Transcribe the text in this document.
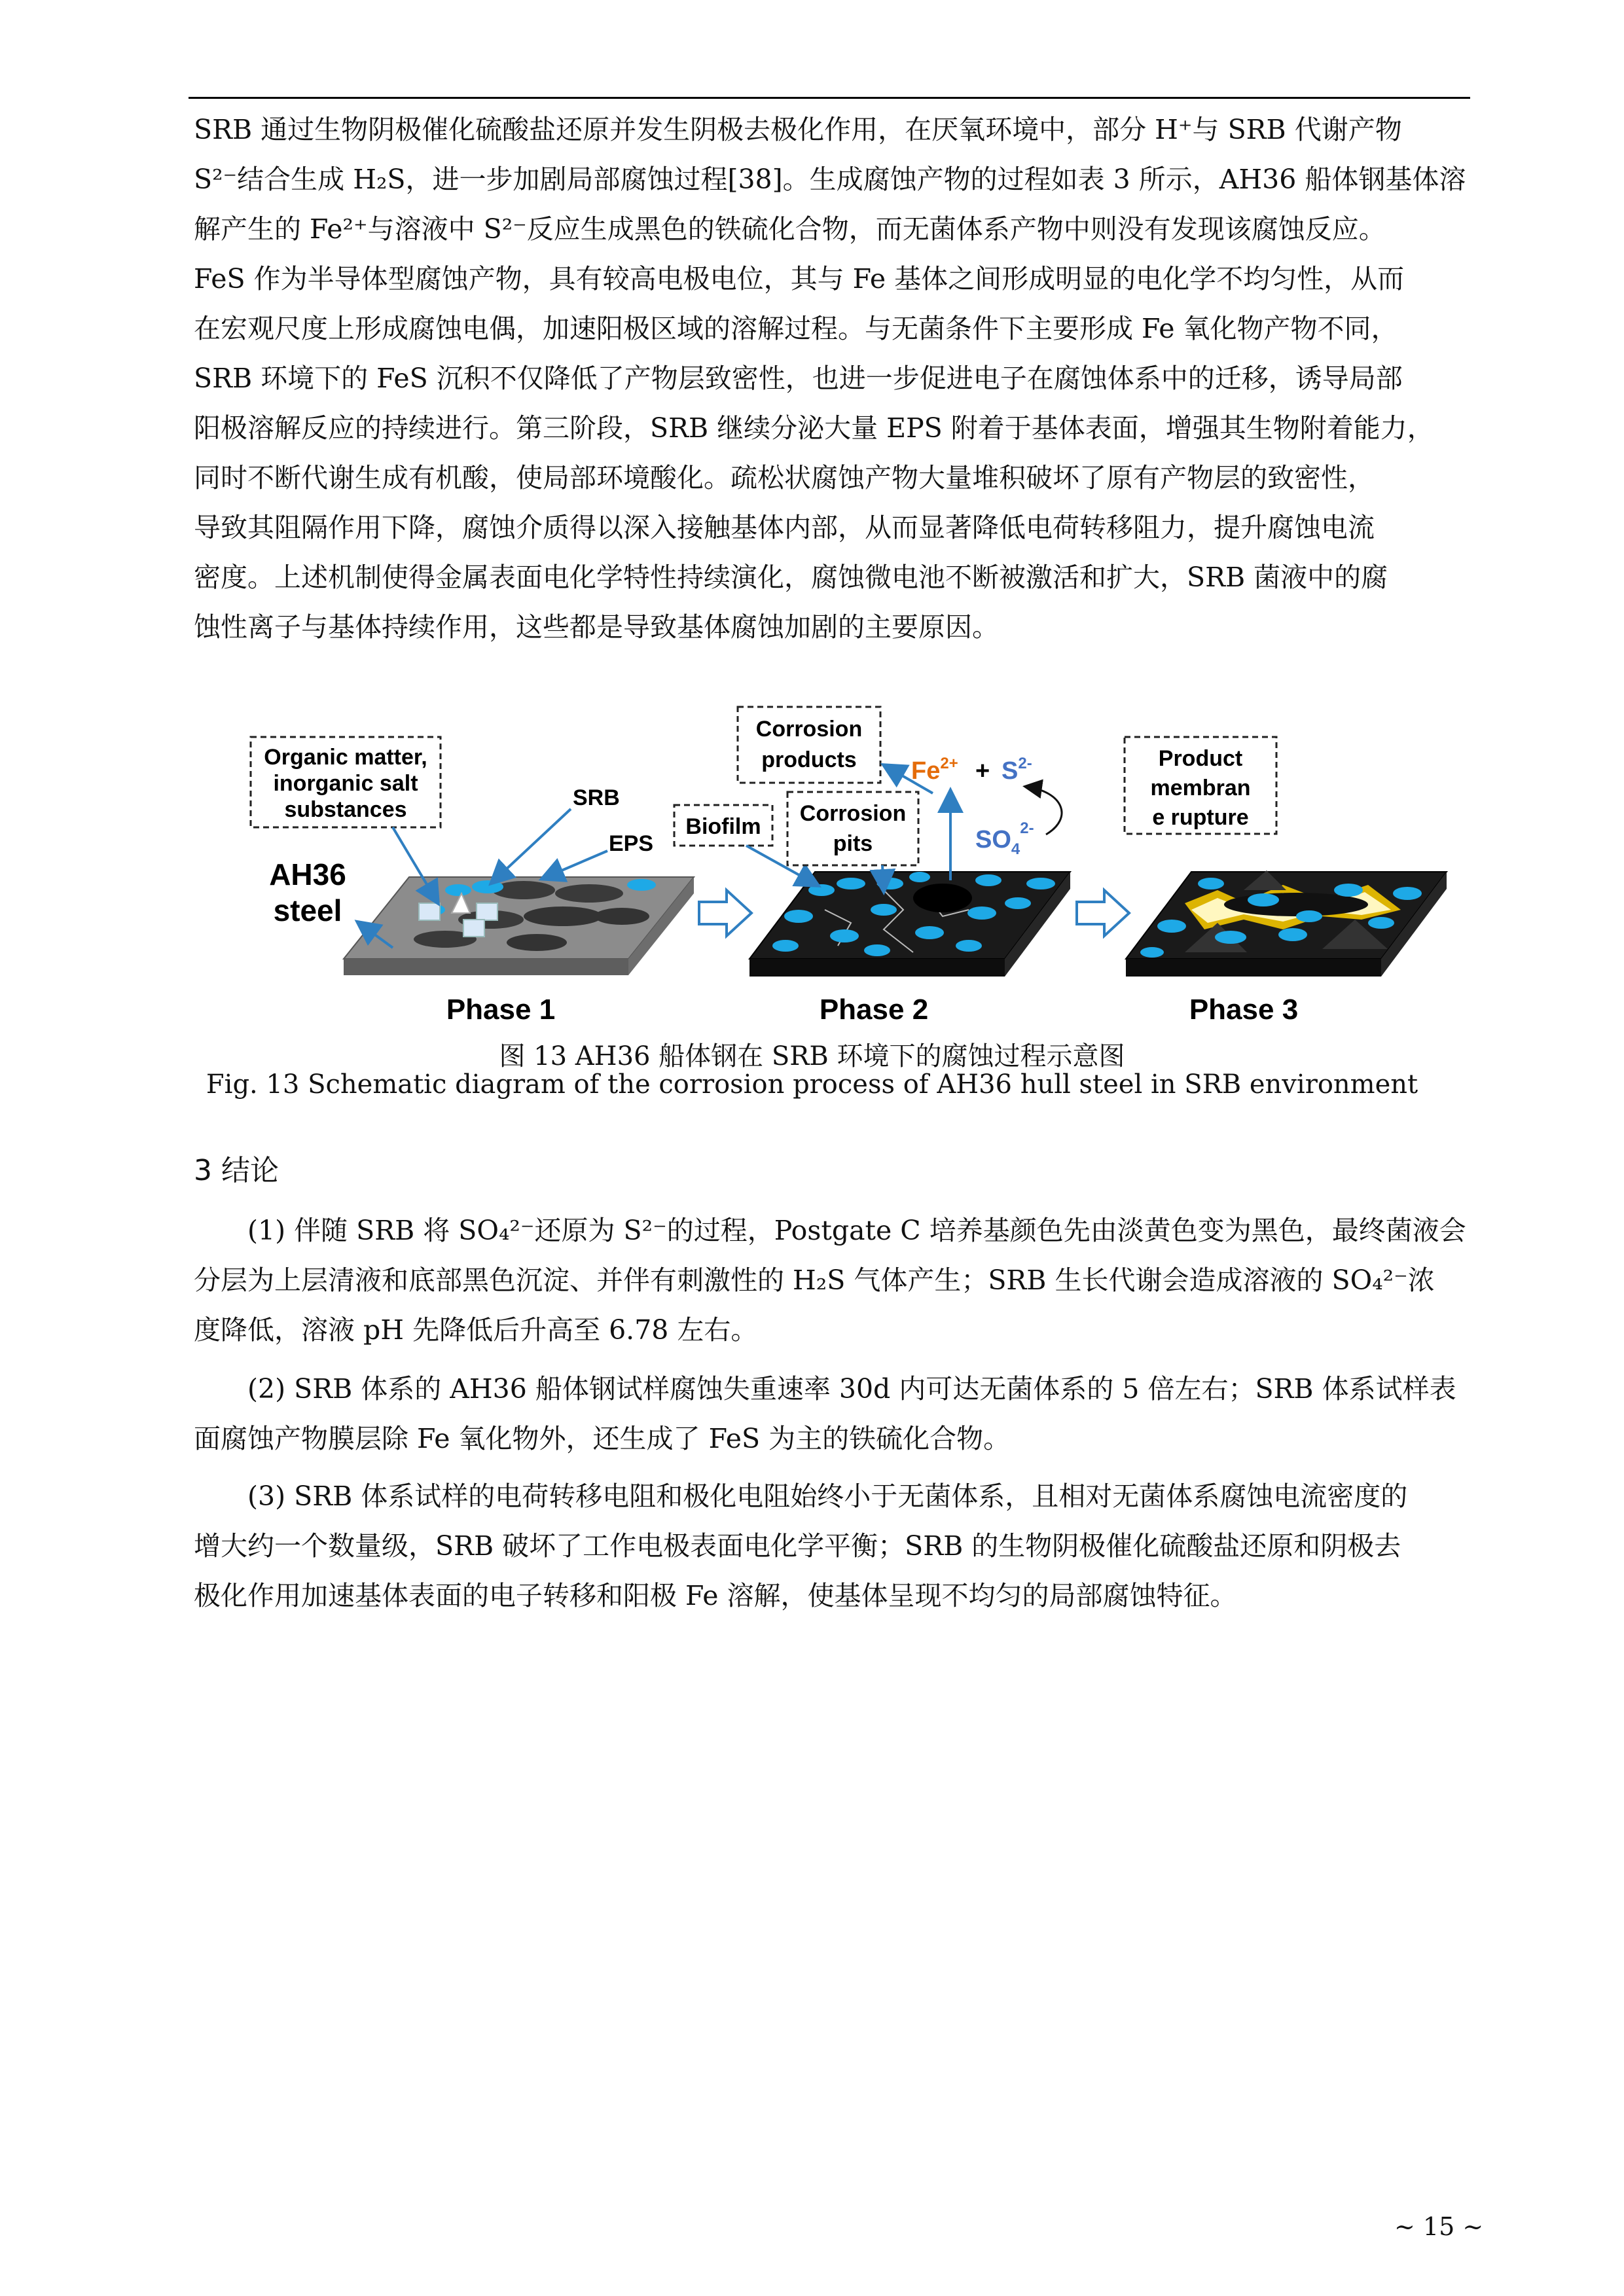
SRB 通过生物阴极催化硫酸盐还原并发生阴极去极化作用，在厌氧环境中，部分 H⁺与 SRB 代谢产物
S²⁻结合生成 H₂S，进一步加剧局部腐蚀过程[38]。生成腐蚀产物的过程如表 3 所示，AH36 船体钢基体溶
解产生的 Fe²⁺与溶液中 S²⁻反应生成黑色的铁硫化合物，而无菌体系产物中则没有发现该腐蚀反应。
FeS 作为半导体型腐蚀产物，具有较高电极电位，其与 Fe 基体之间形成明显的电化学不均匀性，从而
在宏观尺度上形成腐蚀电偶，加速阳极区域的溶解过程。与无菌条件下主要形成 Fe 氧化物产物不同，
SRB 环境下的 FeS 沉积不仅降低了产物层致密性，也进一步促进电子在腐蚀体系中的迁移，诱导局部
阳极溶解反应的持续进行。第三阶段，SRB 继续分泌大量 EPS 附着于基体表面，增强其生物附着能力，
同时不断代谢生成有机酸，使局部环境酸化。疏松状腐蚀产物大量堆积破坏了原有产物层的致密性，
导致其阻隔作用下降，腐蚀介质得以深入接触基体内部，从而显著降低电荷转移阻力，提升腐蚀电流
密度。上述机制使得金属表面电化学特性持续演化，腐蚀微电池不断被激活和扩大，SRB 菌液中的腐
蚀性离子与基体持续作用，这些都是导致基体腐蚀加剧的主要原因。
Organic matter,
inorganic salt
substances	SRB
EPS
AH36
steel
Corrosion
products
Biofilm
Corrosion
pits
$Fe^{2+} + S^{2-}$
$SO_4^{2-}$
Product
membran
e rupture
Phase 1	Phase 2	Phase 3
图 13 AH36 船体钢在 SRB 环境下的腐蚀过程示意图
Fig. 13 Schematic diagram of the corrosion process of AH36 hull steel in SRB environment
3 结论
(1) 伴随 SRB 将 SO₄²⁻还原为 S²⁻的过程，Postgate C 培养基颜色先由淡黄色变为黑色，最终菌液会
分层为上层清液和底部黑色沉淀、并伴有刺激性的 H₂S 气体产生；SRB 生长代谢会造成溶液的 SO₄²⁻浓
度降低，溶液 pH 先降低后升高至 6.78 左右。
(2) SRB 体系的 AH36 船体钢试样腐蚀失重速率 30d 内可达无菌体系的 5 倍左右；SRB 体系试样表
面腐蚀产物膜层除 Fe 氧化物外，还生成了 FeS 为主的铁硫化合物。
(3) SRB 体系试样的电荷转移电阻和极化电阻始终小于无菌体系，且相对无菌体系腐蚀电流密度的
增大约一个数量级，SRB 破坏了工作电极表面电化学平衡；SRB 的生物阴极催化硫酸盐还原和阴极去
极化作用加速基体表面的电子转移和阳极 Fe 溶解，使基体呈现不均匀的局部腐蚀特征。
~ 15 ~
